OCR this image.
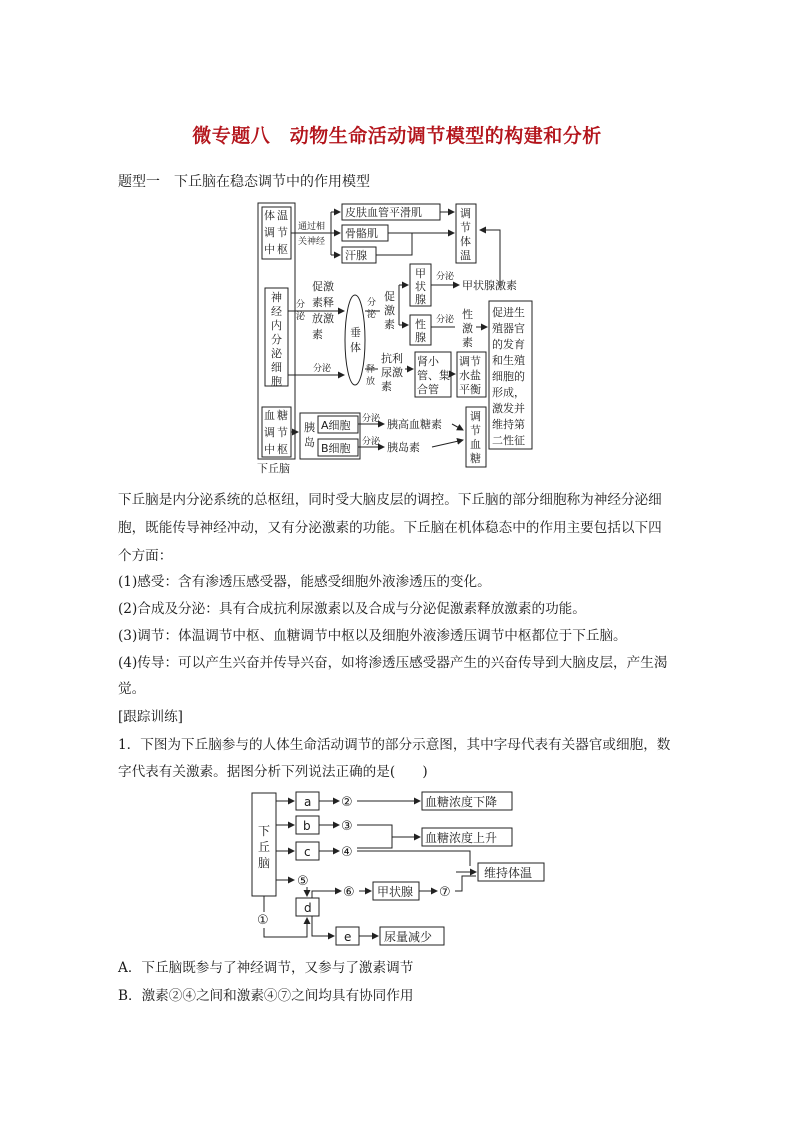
微专题八　动物生命活动调节模型的构建和分析
题型一　下丘脑在稳态调节中的作用模型
下丘脑
体 温 调 节 中 枢
通过相 关神经
皮肤血管平滑肌
骨骼肌
汗腺
调 节 体 温
神 经 内 分 泌 细 胞
分 泌
促激 素释 放激 素
分泌
垂 体
分 泌
促 激 素
甲 状 腺
分泌
甲状腺激素
性 腺
分泌 性 激 素
促进生 殖器官 的发育 和生殖 细胞的 形成， 激发并 维持第 二性征
释 放
抗利 尿激 素
肾小 管、集 合管
调节 水盐 平衡
血 糖 调 节 中 枢
胰 岛
A细胞
B细胞
分泌 胰高血糖素
分泌 胰岛素
调 节 血 糖
下丘脑是内分泌系统的总枢纽，同时受大脑皮层的调控。下丘脑的部分细胞称为神经分泌细
胞，既能传导神经冲动，又有分泌激素的功能。下丘脑在机体稳态中的作用主要包括以下四
个方面：
(1)感受：含有渗透压感受器，能感受细胞外液渗透压的变化。
(2)合成及分泌：具有合成抗利尿激素以及合成与分泌促激素释放激素的功能。
(3)调节：体温调节中枢、血糖调节中枢以及细胞外液渗透压调节中枢都位于下丘脑。
(4)传导：可以产生兴奋并传导兴奋，如将渗透压感受器产生的兴奋传导到大脑皮层，产生渴
觉。
[跟踪训练]
1．下图为下丘脑参与的人体生命活动调节的部分示意图，其中字母代表有关器官或细胞，数
字代表有关激素。据图分析下列说法正确的是(　　)
下 丘 脑
a ②	血糖浓度下降
b ③
血糖浓度上升
c ④
维持体温
⑤
d
⑥ 甲状腺 ⑦
①
e	尿量减少
A．下丘脑既参与了神经调节，又参与了激素调节
B．激素②④之间和激素④⑦之间均具有协同作用
